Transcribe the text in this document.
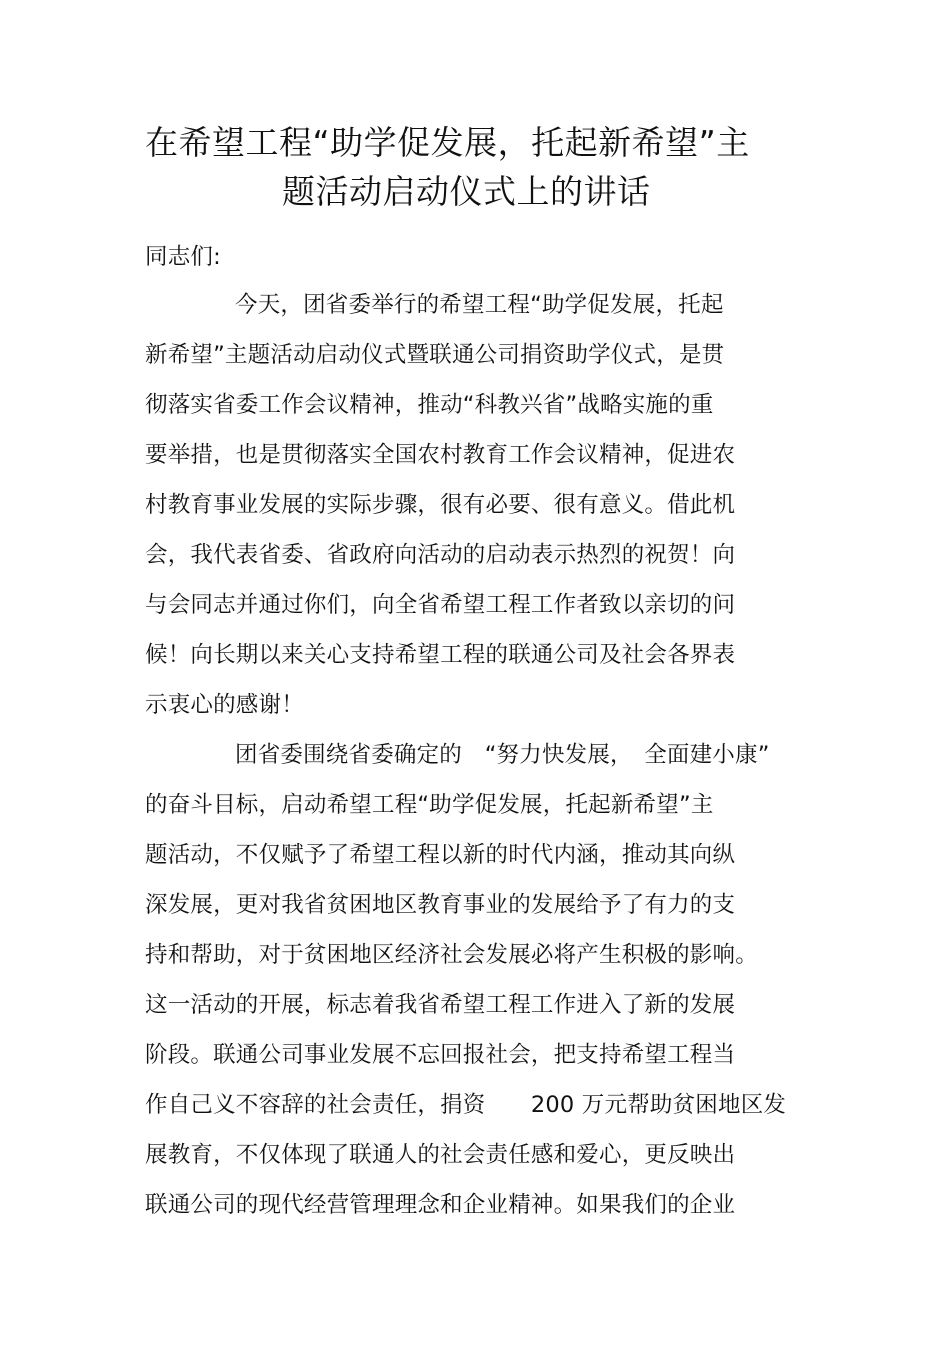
在希望工程“助学促发展，托起新希望”主
题活动启动仪式上的讲话
同志们:
今天，团省委举行的希望工程“助学促发展，托起
新希望”主题活动启动仪式暨联通公司捐资助学仪式，是贯
彻落实省委工作会议精神，推动“科教兴省”战略实施的重
要举措，也是贯彻落实全国农村教育工作会议精神，促进农
村教育事业发展的实际步骤，很有必要、很有意义。借此机
会，我代表省委、省政府向活动的启动表示热烈的祝贺！向
与会同志并通过你们，向全省希望工程工作者致以亲切的问
候！向长期以来关心支持希望工程的联通公司及社会各界表
示衷心的感谢！
团省委围绕省委确定的　“努力快发展，　全面建小康”
的奋斗目标，启动希望工程“助学促发展，托起新希望”主
题活动，不仅赋予了希望工程以新的时代内涵，推动其向纵
深发展，更对我省贫困地区教育事业的发展给予了有力的支
持和帮助，对于贫困地区经济社会发展必将产生积极的影响。
这一活动的开展，标志着我省希望工程工作进入了新的发展
阶段。联通公司事业发展不忘回报社会，把支持希望工程当
作自己义不容辞的社会责任，捐资　　200 万元帮助贫困地区发
展教育，不仅体现了联通人的社会责任感和爱心，更反映出
联通公司的现代经营管理理念和企业精神。如果我们的企业
